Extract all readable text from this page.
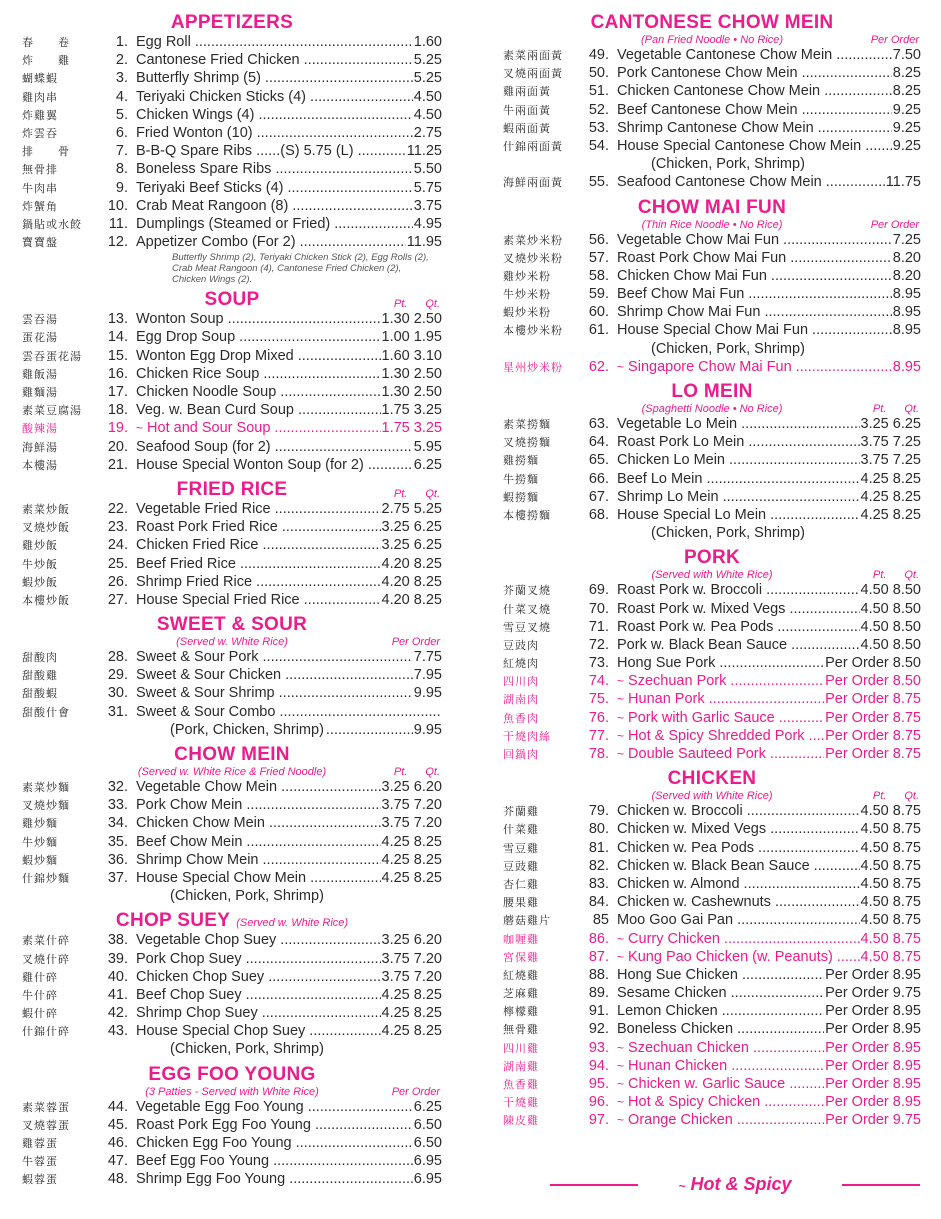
APPETIZERS
春　　卷	1. Egg Roll .....	1.60
炸　　雞	2. Cantonese Fried Chicken .....	5.25
蝴蝶蝦	3. Butterfly Shrimp (5) .....	5.25
雞肉串	4. Teriyaki Chicken Sticks (4) .....	4.50
炸雞翼	5. Chicken Wings (4) .....	4.50
炸雲吞	6. Fried Wonton (10) .....	2.75
排　　骨	7. B-B-Q Spare Ribs ......(S) 5.75 (L) .....	11.25
無骨排	8. Boneless Spare Ribs .....	5.50
牛肉串	9. Teriyaki Beef Sticks (4) .....	5.75
炸蟹角	10. Crab Meat Rangoon (8) .....	3.75
鍋貼或水餃	11. Dumplings (Steamed or Fried) .....	4.95
寶寶盤	12. Appetizer Combo (For 2) .....	11.95
Butterfly Shrimp (2), Teriyaki Chicken Stick (2), Egg Rolls (2), Crab Meat Rangoon (4), Cantonese Fried Chicken (2), Chicken Wings (2).
SOUP	Pt. Qt.
雲吞湯	13. Wonton Soup .....	1.30 2.50
蛋花湯	14. Egg Drop Soup .....	1.00 1.95
雲吞蛋花湯	15. Wonton Egg Drop Mixed .....	1.60 3.10
雞飯湯	16. Chicken Rice Soup .....	1.30 2.50
雞麵湯	17. Chicken Noodle Soup .....	1.30 2.50
素菜豆腐湯	18. Veg. w. Bean Curd Soup .....	1.75 3.25
酸辣湯	19. ~ Hot and Sour Soup .....	1.75 3.25
海鮮湯	20. Seafood Soup (for 2) .....	5.95
本樓湯	21. House Special Wonton Soup (for 2) .....	6.25
FRIED RICE	Pt. Qt.
素菜炒飯	22. Vegetable Fried Rice .....	2.75 5.25
叉燒炒飯	23. Roast Pork Fried Rice .....	3.25 6.25
雞炒飯	24. Chicken Fried Rice .....	3.25 6.25
牛炒飯	25. Beef Fried Rice .....	4.20 8.25
蝦炒飯	26. Shrimp Fried Rice .....	4.20 8.25
本樓炒飯	27. House Special Fried Rice .....	4.20 8.25
SWEET & SOUR
(Served w. White Rice)	Per Order
甜酸肉	28. Sweet & Sour Pork .....	7.75
甜酸雞	29. Sweet & Sour Chicken .....	7.95
甜酸蝦	30. Sweet & Sour Shrimp .....	9.95
甜酸什會	31. Sweet & Sour Combo .....
(Pork, Chicken, Shrimp)
.....	9.95
CHOW MEIN
(Served w. White Rice & Fried Noodle)	Pt. Qt.
素菜炒麵	32. Vegetable Chow Mein .....	3.25 6.20
叉燒炒麵	33. Pork Chow Mein .....	3.75 7.20
雞炒麵	34. Chicken Chow Mein .....	3.75 7.20
牛炒麵	35. Beef Chow Mein .....	4.25 8.25
蝦炒麵	36. Shrimp Chow Mein .....	4.25 8.25
什錦炒麵	37. House Special Chow Mein .....	4.25 8.25
(Chicken, Pork, Shrimp)
CHOP SUEY (Served w. White Rice)
素菜什碎	38. Vegetable Chop Suey .....	3.25 6.20
叉燒什碎	39. Pork Chop Suey .....	3.75 7.20
雞什碎	40. Chicken Chop Suey .....	3.75 7.20
牛什碎	41. Beef Chop Suey .....	4.25 8.25
蝦什碎	42. Shrimp Chop Suey .....	4.25 8.25
什錦什碎	43. House Special Chop Suey .....	4.25 8.25
(Chicken, Pork, Shrimp)
EGG FOO YOUNG
(3 Patties - Served with White Rice)	Per Order
素菜蓉蛋	44. Vegetable Egg Foo Young .....	6.25
叉燒蓉蛋	45. Roast Pork Egg Foo Young .....	6.50
雞蓉蛋	46. Chicken Egg Foo Young .....	6.50
牛蓉蛋	47. Beef Egg Foo Young .....	6.95
蝦蓉蛋	48. Shrimp Egg Foo Young .....	6.95
CANTONESE CHOW MEIN
(Pan Fried Noodle • No Rice)	Per Order
素菜兩面黃	49. Vegetable Cantonese Chow Mein .....	7.50
叉燒兩面黃	50. Pork Cantonese Chow Mein .....	8.25
雞兩面黃	51. Chicken Cantonese Chow Mein .....	8.25
牛兩面黃	52. Beef Cantonese Chow Mein .....	9.25
蝦兩面黃	53. Shrimp Cantonese Chow Mein .....	9.25
什錦兩面黃	54. House Special Cantonese Chow Mein .....	9.25
(Chicken, Pork, Shrimp)
海鮮兩面黃	55. Seafood Cantonese Chow Mein .....	11.75
CHOW MAI FUN
(Thin Rice Noodle • No Rice)	Per Order
素菜炒米粉	56. Vegetable Chow Mai Fun .....	7.25
叉燒炒米粉	57. Roast Pork Chow Mai Fun .....	8.20
雞炒米粉	58. Chicken Chow Mai Fun .....	8.20
牛炒米粉	59. Beef Chow Mai Fun .....	8.95
蝦炒米粉	60. Shrimp Chow Mai Fun .....	8.95
本樓炒米粉	61. House Special Chow Mai Fun .....	8.95
(Chicken, Pork, Shrimp)
星州炒米粉	62. ~ Singapore Chow Mai Fun .....	8.95
LO MEIN
(Spaghetti Noodle • No Rice)	Pt. Qt.
素菜撈麵	63. Vegetable Lo Mein .....	3.25 6.25
叉燒撈麵	64. Roast Pork Lo Mein .....	3.75 7.25
雞撈麵	65. Chicken Lo Mein .....	3.75 7.25
牛撈麵	66. Beef Lo Mein .....	4.25 8.25
蝦撈麵	67. Shrimp Lo Mein .....	4.25 8.25
本樓撈麵	68. House Special Lo Mein .....	4.25 8.25
(Chicken, Pork, Shrimp)
PORK
(Served with White Rice)	Pt. Qt.
芥蘭叉燒	69. Roast Pork w. Broccoli .....	4.50 8.50
什菜叉燒	70. Roast Pork w. Mixed Vegs .....	4.50 8.50
雪豆叉燒	71. Roast Pork w. Pea Pods .....	4.50 8.50
豆豉肉	72. Pork w. Black Bean Sauce .....	4.50 8.50
紅燒肉	73. Hong Sue Pork .....	Per Order 8.50
四川肉	74. ~ Szechuan Pork .....	Per Order 8.50
湖南肉	75. ~ Hunan Pork .....	Per Order 8.75
魚香肉	76. ~ Pork with Garlic Sauce .....	Per Order 8.75
干燒肉絲	77. ~ Hot & Spicy Shredded Pork .....	Per Order 8.75
回鍋肉	78. ~ Double Sauteed Pork .....	Per Order 8.75
CHICKEN
(Served with White Rice)	Pt. Qt.
芥蘭雞	79. Chicken w. Broccoli .....	4.50 8.75
什菜雞	80. Chicken w. Mixed Vegs .....	4.50 8.75
雪豆雞	81. Chicken w. Pea Pods .....	4.50 8.75
豆豉雞	82. Chicken w. Black Bean Sauce .....	4.50 8.75
杏仁雞	83. Chicken w. Almond .....	4.50 8.75
腰果雞	84. Chicken w. Cashewnuts .....	4.50 8.75
蘑菇雞片	85 Moo Goo Gai Pan .....	4.50 8.75
咖喱雞	86. ~ Curry Chicken .....	4.50 8.75
宮保雞	87. ~ Kung Pao Chicken (w. Peanuts) .....	4.50 8.75
紅燒雞	88. Hong Sue Chicken .....	Per Order 8.95
芝麻雞	89. Sesame Chicken .....	Per Order 9.75
檸檬雞	91. Lemon Chicken .....	Per Order 8.95
無骨雞	92. Boneless Chicken .....	Per Order 8.95
四川雞	93. ~ Szechuan Chicken .....	Per Order 8.95
湖南雞	94. ~ Hunan Chicken .....	Per Order 8.95
魚香雞	95. ~ Chicken w. Garlic Sauce .....	Per Order 8.95
干燒雞	96. ~ Hot & Spicy Chicken .....	Per Order 8.95
陳皮雞	97. ~ Orange Chicken .....	Per Order 9.75
~ Hot & Spicy
